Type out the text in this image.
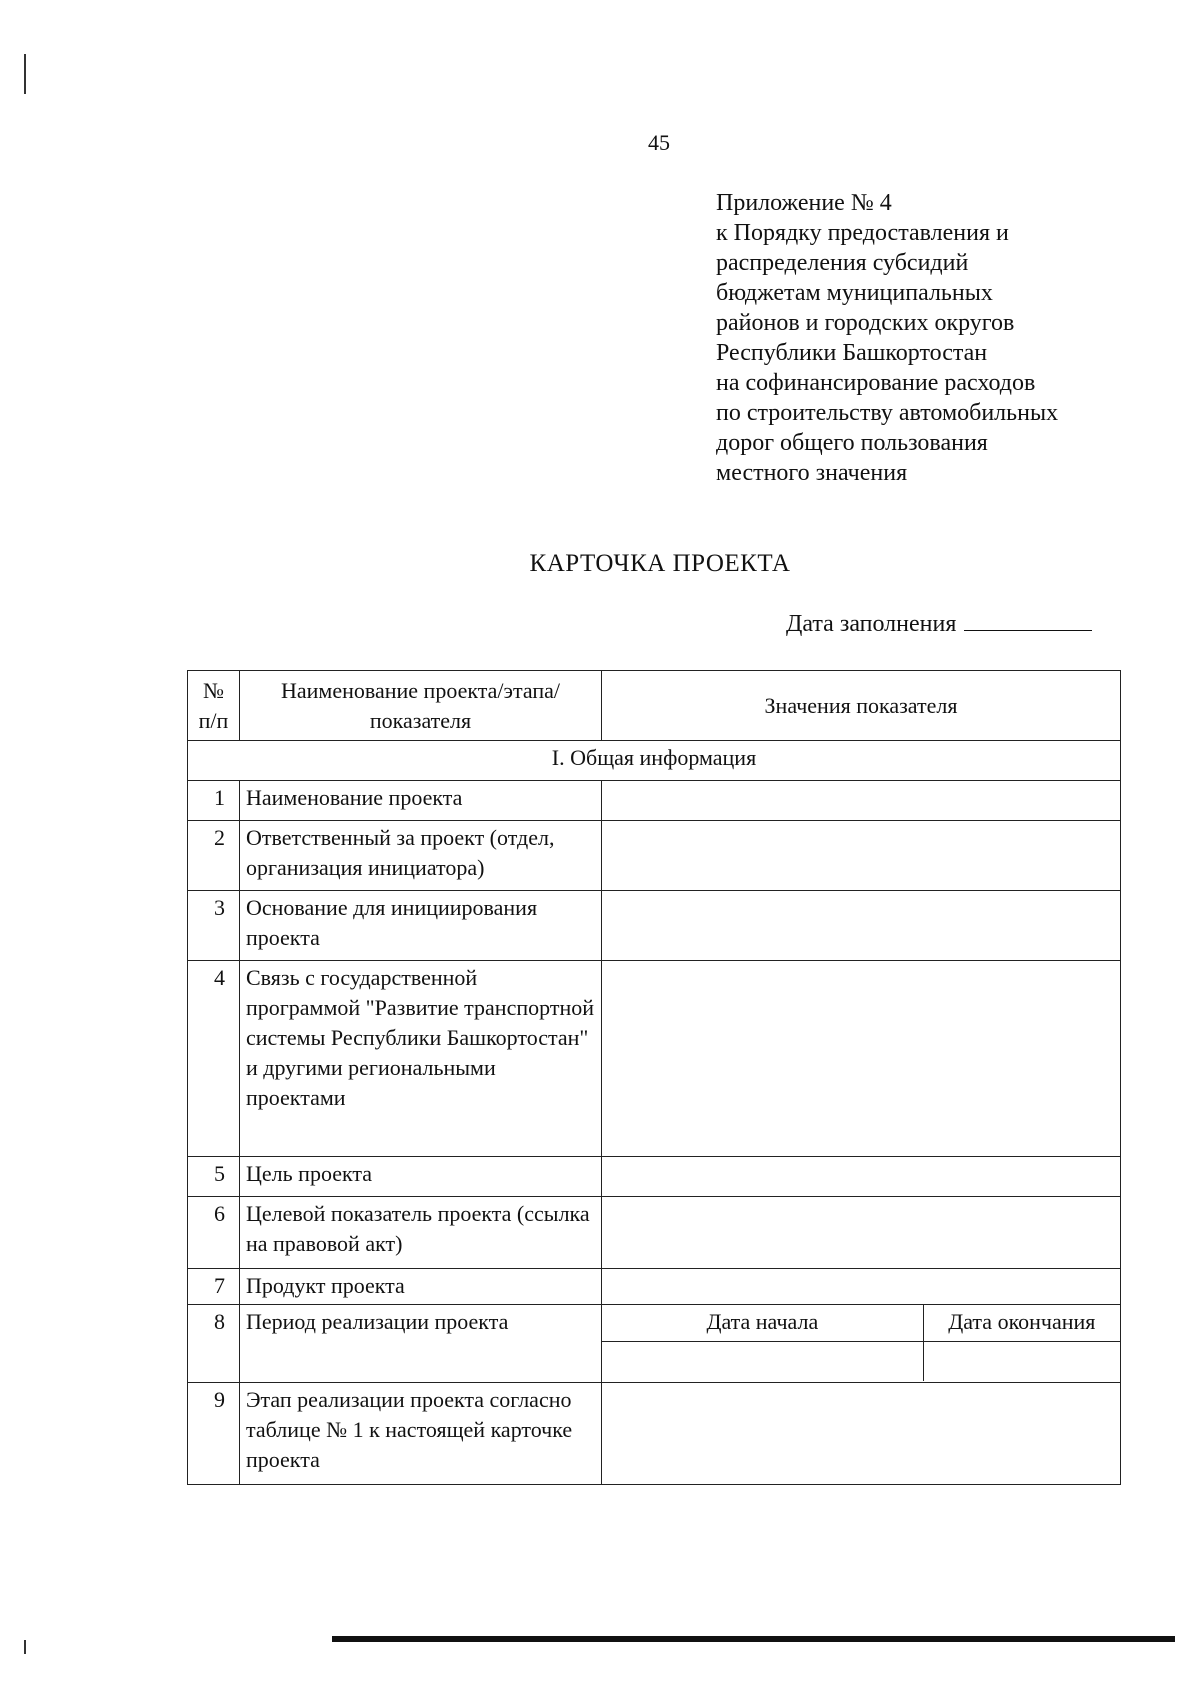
45
Приложение № 4
к Порядку предоставления и
распределения субсидий
бюджетам муниципальных
районов и городских округов
Республики Башкортостан
на софинансирование расходов
по строительству автомобильных
дорог общего пользования
местного значения
КАРТОЧКА ПРОЕКТА
Дата заполнения
№ п/п	Наименование проекта/этапа/показателя	Значения показателя
I. Общая информация
1	Наименование проекта	
2	Ответственный за проект (отдел, организация инициатора)	
3	Основание для инициирования проекта	
4	Связь с государственной программой "Развитие транспортной системы Республики Башкортостан" и другими региональными проектами	
5	Цель проекта	
6	Целевой показатель проекта (ссылка на правовой акт)	
7	Продукт проекта	
8	Период реализации проекта		Дата начала	Дата окончания

9	Этап реализации проекта согласно таблице № 1 к настоящей карточке проекта	
